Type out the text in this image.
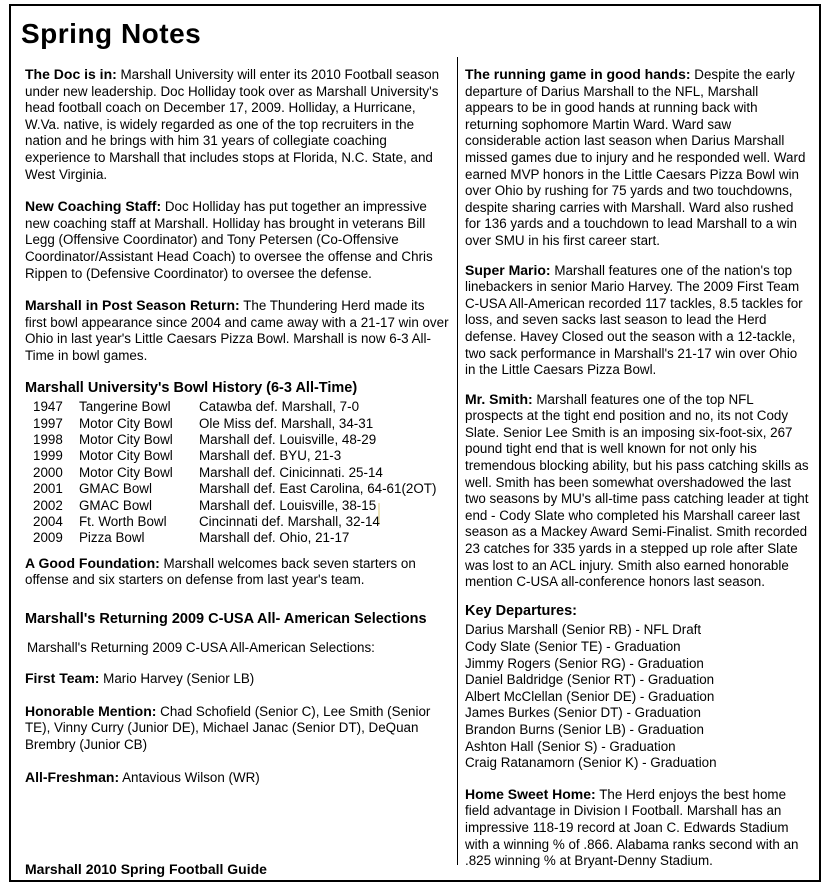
Spring Notes

The Doc is in: Marshall University will enter its 2010 Football season under new leadership. Doc Holliday took over as Marshall University's head football coach on December 17, 2009. Holliday, a Hurricane, W.Va. native, is widely regarded as one of the top recruiters in the nation and he brings with him 31 years of collegiate coaching experience to Marshall that includes stops at Florida, N.C. State, and West Virginia.

New Coaching Staff: Doc Holliday has put together an impressive new coaching staff at Marshall. Holliday has brought in veterans Bill Legg (Offensive Coordinator) and Tony Petersen (Co-Offensive Coordinator/Assistant Head Coach) to oversee the offense and Chris Rippen to (Defensive Coordinator) to oversee the defense.

Marshall in Post Season Return: The Thundering Herd made its first bowl appearance since 2004 and came away with a 21-17 win over Ohio in last year's Little Caesars Pizza Bowl. Marshall is now 6-3 All-Time in bowl games.

Marshall University's Bowl History (6-3 All-Time)
1947	Tangerine Bowl	Catawba def. Marshall, 7-0
1997	Motor City Bowl	Ole Miss def. Marshall, 34-31
1998	Motor City Bowl	Marshall def. Louisville, 48-29
1999	Motor City Bowl	Marshall def. BYU, 21-3
2000	Motor City Bowl	Marshall def. Cinicinnati. 25-14
2001	GMAC Bowl	Marshall def. East Carolina, 64-61(2OT)
2002	GMAC Bowl	Marshall def. Louisville, 38-15
2004	Ft. Worth Bowl	Cincinnati def. Marshall, 32-14
2009	Pizza Bowl	Marshall def. Ohio, 21-17

A Good Foundation: Marshall welcomes back seven starters on offense and six starters on defense from last year's team.

Marshall's Returning 2009 C-USA All- American Selections

Marshall's Returning 2009 C-USA All-American Selections:

First Team: Mario Harvey (Senior LB)

Honorable Mention: Chad Schofield (Senior C), Lee Smith (Senior TE), Vinny Curry (Junior DE), Michael Janac (Senior DT), DeQuan Brembry (Junior CB)

All-Freshman: Antavious Wilson (WR)

The running game in good hands: Despite the early departure of Darius Marshall to the NFL, Marshall appears to be in good hands at running back with returning sophomore Martin Ward. Ward saw considerable action last season when Darius Marshall missed games due to injury and he responded well. Ward earned MVP honors in the Little Caesars Pizza Bowl win over Ohio by rushing for 75 yards and two touchdowns, despite sharing carries with Marshall. Ward also rushed for 136 yards and a touchdown to lead Marshall to a win over SMU in his first career start.

Super Mario: Marshall features one of the nation's top linebackers in senior Mario Harvey. The 2009 First Team C-USA All-American recorded 117 tackles, 8.5 tackles for loss, and seven sacks last season to lead the Herd defense. Havey Closed out the season with a 12-tackle, two sack performance in Marshall's 21-17 win over Ohio in the Little Caesars Pizza Bowl.

Mr. Smith: Marshall features one of the top NFL prospects at the tight end position and no, its not Cody Slate. Senior Lee Smith is an imposing six-foot-six, 267 pound tight end that is well known for not only his tremendous blocking ability, but his pass catching skills as well. Smith has been somewhat overshadowed the last two seasons by MU's all-time pass catching leader at tight end - Cody Slate who completed his Marshall career last season as a Mackey Award Semi-Finalist. Smith recorded 23 catches for 335 yards in a stepped up role after Slate was lost to an ACL injury. Smith also earned honorable mention C-USA all-conference honors last season.

Key Departures:
Darius Marshall (Senior RB) - NFL Draft
Cody Slate (Senior TE) - Graduation
Jimmy Rogers (Senior RG) - Graduation
Daniel Baldridge (Senior RT) - Graduation
Albert McClellan (Senior DE) - Graduation
James Burkes (Senior DT) - Graduation
Brandon Burns (Senior LB) - Graduation
Ashton Hall (Senior S) - Graduation
Craig Ratanamorn (Senior K) - Graduation

Home Sweet Home: The Herd enjoys the best home field advantage in Division I Football. Marshall has an impressive 118-19 record at Joan C. Edwards Stadium with a winning % of .866. Alabama ranks second with an .825 winning % at Bryant-Denny Stadium.

Marshall 2010 Spring Football Guide
